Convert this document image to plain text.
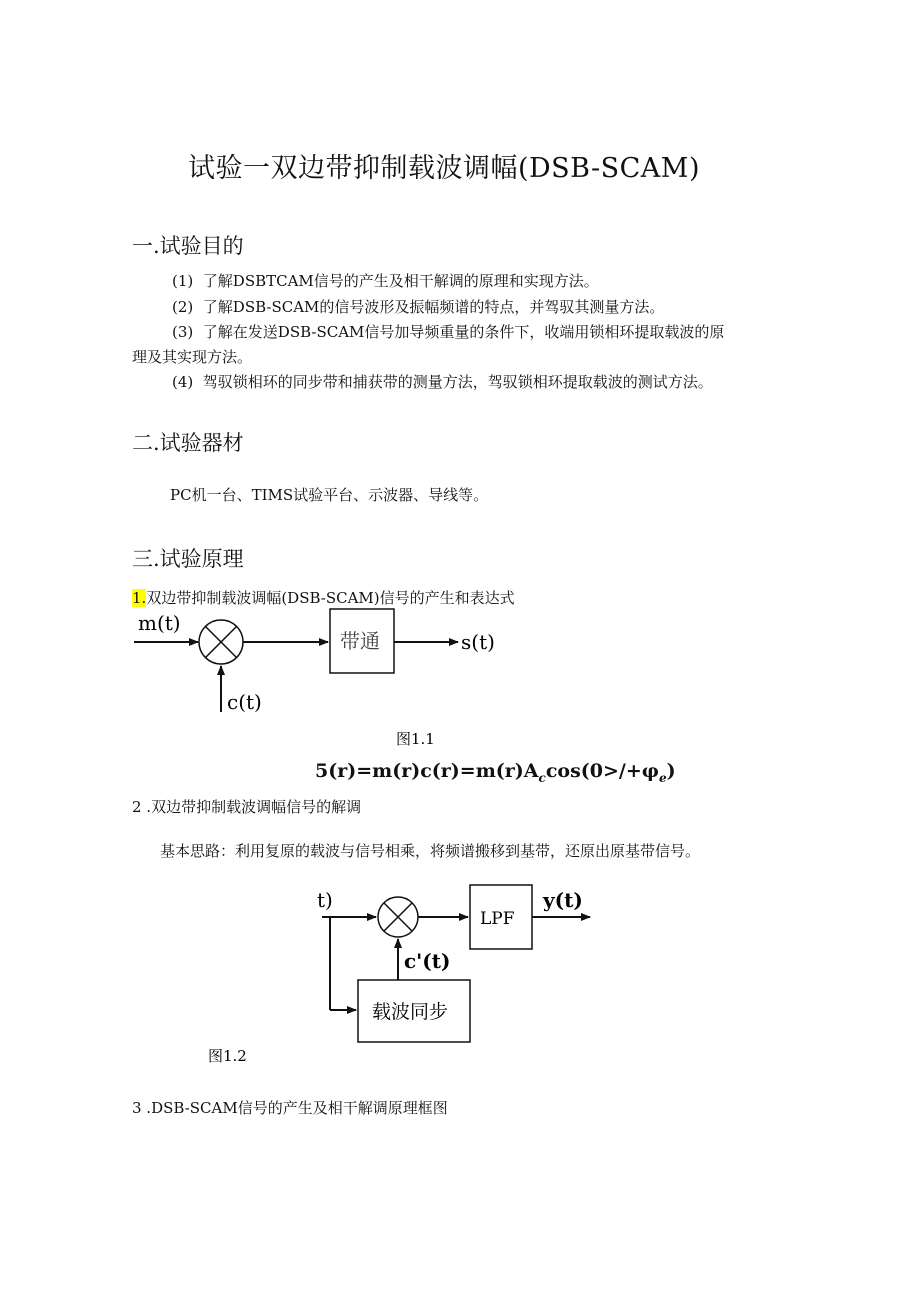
试验一双边带抑制载波调幅(DSB-SCAM)
一.试验目的
(1) 了解DSBTCAM信号的产生及相干解调的原理和实现方法。
(2) 了解DSB-SCAM的信号波形及振幅频谱的特点，并驾驭其测量方法。
(3) 了解在发送DSB-SCAM信号加导频重量的条件下，收端用锁相环提取载波的原
理及其实现方法。
(4) 驾驭锁相环的同步带和捕获带的测量方法，驾驭锁相环提取载波的测试方法。
二.试验器材
PC机一台、TIMS试验平台、示波器、导线等。
三.试验原理
1.双边带抑制载波调幅(DSB-SCAM)信号的产生和表达式
m(t)
带通	s(t)
c(t)
图1.1
$5(r)=m(r)c(r)=m(r)A_c\cos(0>/+\varphi_e)$
2 .双边带抑制载波调幅信号的解调
基本思路：利用复原的载波与信号相乘，将频谱搬移到基带，还原出原基带信号。
t)
LPF
y(t)
c'(t)
载波同步
图1.2
3 .DSB-SCAM信号的产生及相干解调原理框图
